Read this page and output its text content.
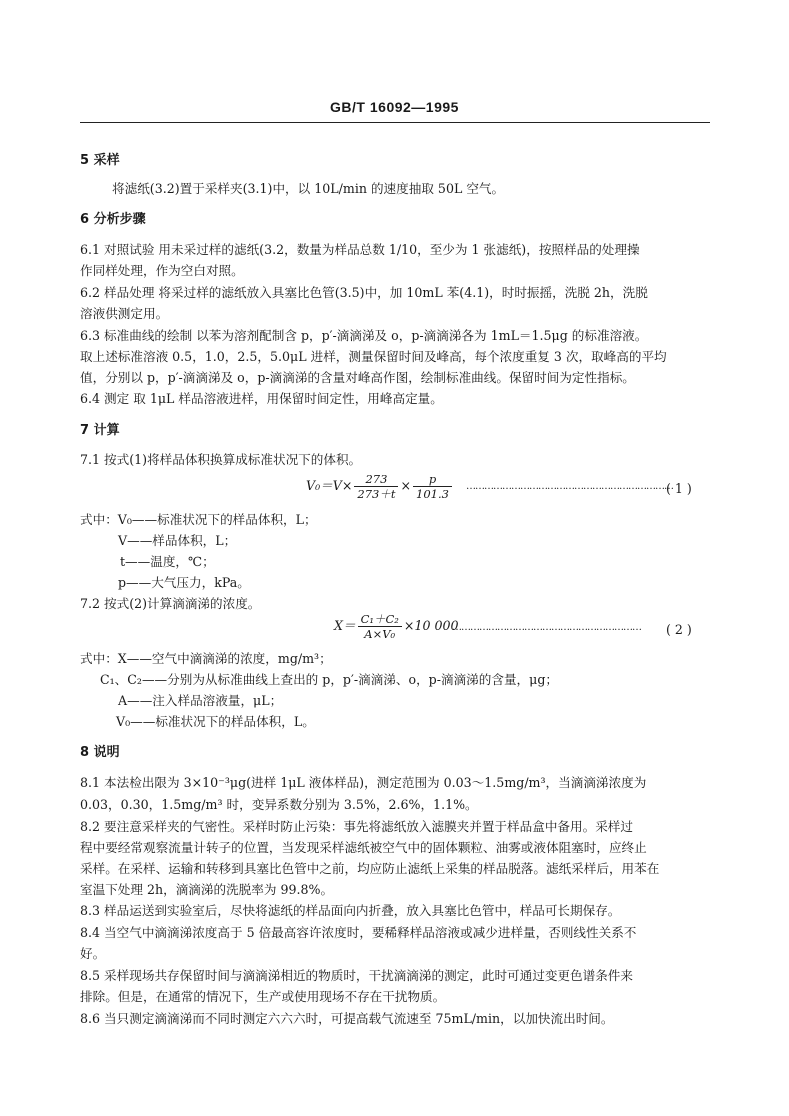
GB/T 16092—1995
5 采样
将滤纸(3.2)置于采样夹(3.1)中，以 10L/min 的速度抽取 50L 空气。
6 分析步骤
6.1 对照试验 用未采过样的滤纸(3.2，数量为样品总数 1/10，至少为 1 张滤纸)，按照样品的处理操
作同样处理，作为空白对照。
6.2 样品处理 将采过样的滤纸放入具塞比色管(3.5)中，加 10mL 苯(4.1)，时时振摇，洗脱 2h，洗脱
溶液供测定用。
6.3 标准曲线的绘制 以苯为溶剂配制含 p，p′-滴滴涕及 o，p-滴滴涕各为 1mL＝1.5μg 的标准溶液。
取上述标准溶液 0.5，1.0，2.5，5.0μL 进样，测量保留时间及峰高，每个浓度重复 3 次，取峰高的平均
值，分别以 p，p′-滴滴涕及 o，p-滴滴涕的含量对峰高作图，绘制标准曲线。保留时间为定性指标。
6.4 测定 取 1μL 样品溶液进样，用保留时间定性，用峰高定量。
7 计算
7.1 按式(1)将样品体积换算成标准状况下的体积。
$V_0=V\times \frac{273}{273+t} \times \frac{p}{101.3}$ ……………………………………………………………
( 1 )
式中：V₀——标准状况下的样品体积，L；
V——样品体积，L；
t——温度，℃；
p——大气压力，kPa。
7.2 按式(2)计算滴滴涕的浓度。
$X= \frac{\text{C₁＋C₂}}{\text{A×V₀}} \times 10$ 000
………………………………………………………	( 2 )
式中：X——空气中滴滴涕的浓度，mg/m³；
C₁、C₂——分别为从标准曲线上查出的 p，p′-滴滴涕、o，p-滴滴涕的含量，μg；
A——注入样品溶液量，μL；
V₀——标准状况下的样品体积，L。
8 说明
8.1 本法检出限为 3×10⁻³μg(进样 1μL 液体样品)，测定范围为 0.03～1.5mg/m³，当滴滴涕浓度为
0.03，0.30，1.5mg/m³ 时，变异系数分别为 3.5%，2.6%，1.1%。
8.2 要注意采样夹的气密性。采样时防止污染：事先将滤纸放入滤膜夹并置于样品盒中备用。采样过
程中要经常观察流量计转子的位置，当发现采样滤纸被空气中的固体颗粒、油雾或液体阻塞时，应终止
采样。在采样、运输和转移到具塞比色管中之前，均应防止滤纸上采集的样品脱落。滤纸采样后，用苯在
室温下处理 2h，滴滴涕的洗脱率为 99.8%。
8.3 样品运送到实验室后，尽快将滤纸的样品面向内折叠，放入具塞比色管中，样品可长期保存。
8.4 当空气中滴滴涕浓度高于 5 倍最高容许浓度时，要稀释样品溶液或减少进样量，否则线性关系不
好。
8.5 采样现场共存保留时间与滴滴涕相近的物质时，干扰滴滴涕的测定，此时可通过变更色谱条件来
排除。但是，在通常的情况下，生产或使用现场不存在干扰物质。
8.6 当只测定滴滴涕而不同时测定六六六时，可提高载气流速至 75mL/min，以加快流出时间。
